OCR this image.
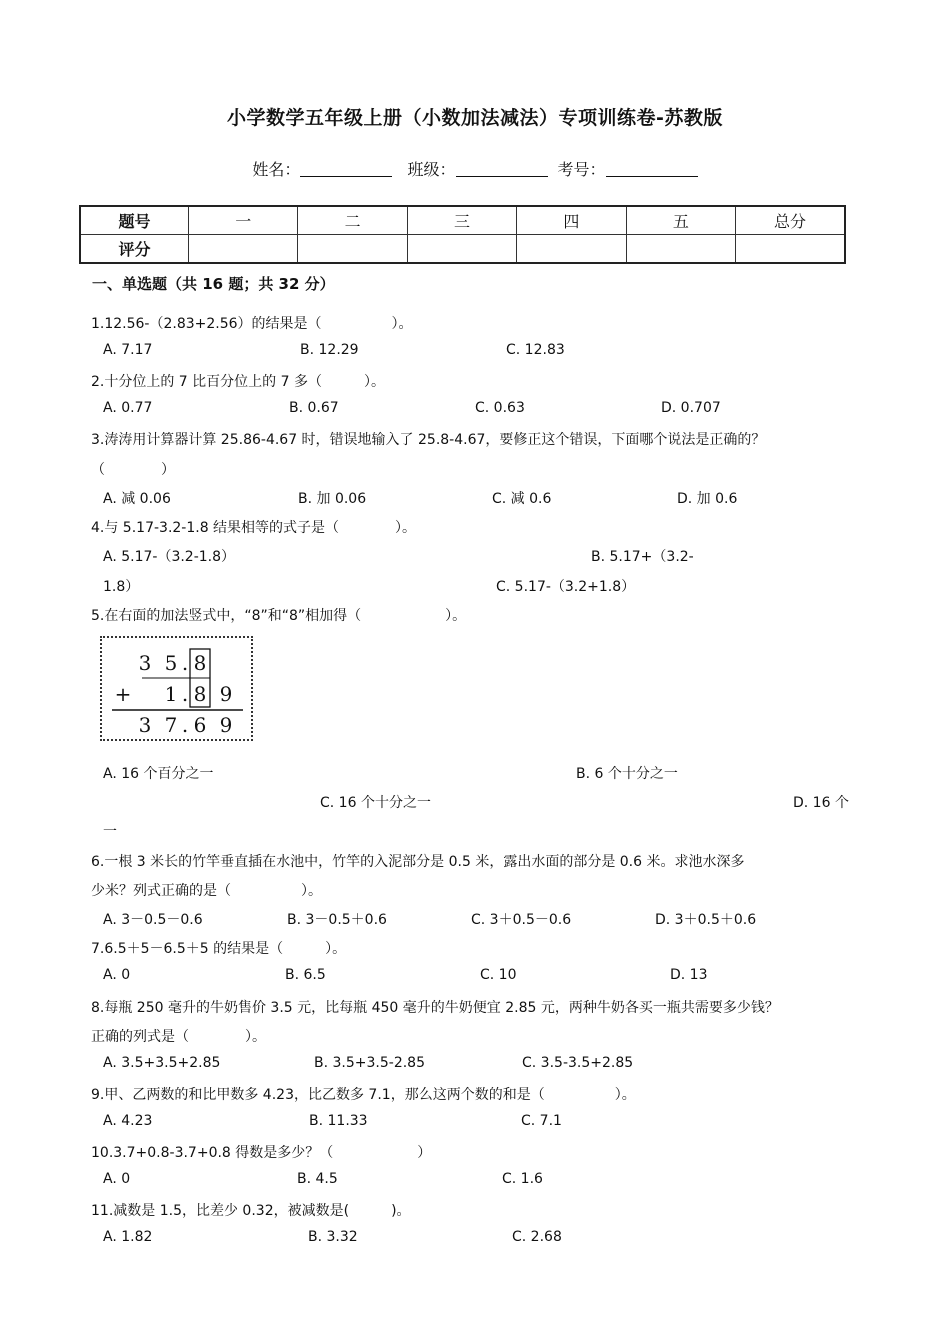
小学数学五年级上册（小数加法减法）专项训练卷-苏教版
姓名：	班级：	考号：
题号	一	二	三	四	五	总分
评分						
一、单选题（共 16 题；共 32 分）
1.12.56-（2.83+2.56）的结果是（　　　　　）。
A. 7.17	B. 12.29	C. 12.83
2.十分位上的 7 比百分位上的 7 多（　　　）。
A. 0.77	B. 0.67	C. 0.63	D. 0.707
3.涛涛用计算器计算 25.86-4.67 时，错误地输入了 25.8-4.67，要修正这个错误，下面哪个说法是正确的？
（　　　　）
A. 减 0.06	B. 加 0.06	C. 减 0.6	D. 加 0.6
4.与 5.17-3.2-1.8 结果相等的式子是（　　　　）。
A. 5.17-（3.2-1.8）	B. 5.17+（3.2-
1.8）	C. 5.17-（3.2+1.8）
5.在右面的加法竖式中，“8”和“8”相加得（　　　　　　）。
3 5 . 8
+ 1 . 8 9
3 7 . 6 9
A. 16 个百分之一	B. 6 个十分之一
C. 16 个十分之一	D. 16 个
一
6.一根 3 米长的竹竿垂直插在水池中，竹竿的入泥部分是 0.5 米，露出水面的部分是 0.6 米。求池水深多
少米？列式正确的是（　　　　　）。
A. 3－0.5－0.6	B. 3－0.5＋0.6	C. 3＋0.5－0.6	D. 3＋0.5＋0.6
7.6.5＋5－6.5＋5 的结果是（　　　）。
A. 0	B. 6.5	C. 10	D. 13
8.每瓶 250 毫升的牛奶售价 3.5 元，比每瓶 450 毫升的牛奶便宜 2.85 元，两种牛奶各买一瓶共需要多少钱？
正确的列式是（　　　　）。
A. 3.5+3.5+2.85	B. 3.5+3.5-2.85	C. 3.5-3.5+2.85
9.甲、乙两数的和比甲数多 4.23，比乙数多 7.1，那么这两个数的和是（　　　　　）。
A. 4.23	B. 11.33	C. 7.1
10.3.7+0.8-3.7+0.8 得数是多少？（　　　　　　）
A. 0	B. 4.5	C. 1.6
11.减数是 1.5，比差少 0.32，被减数是(　　　)。
A. 1.82	B. 3.32	C. 2.68
